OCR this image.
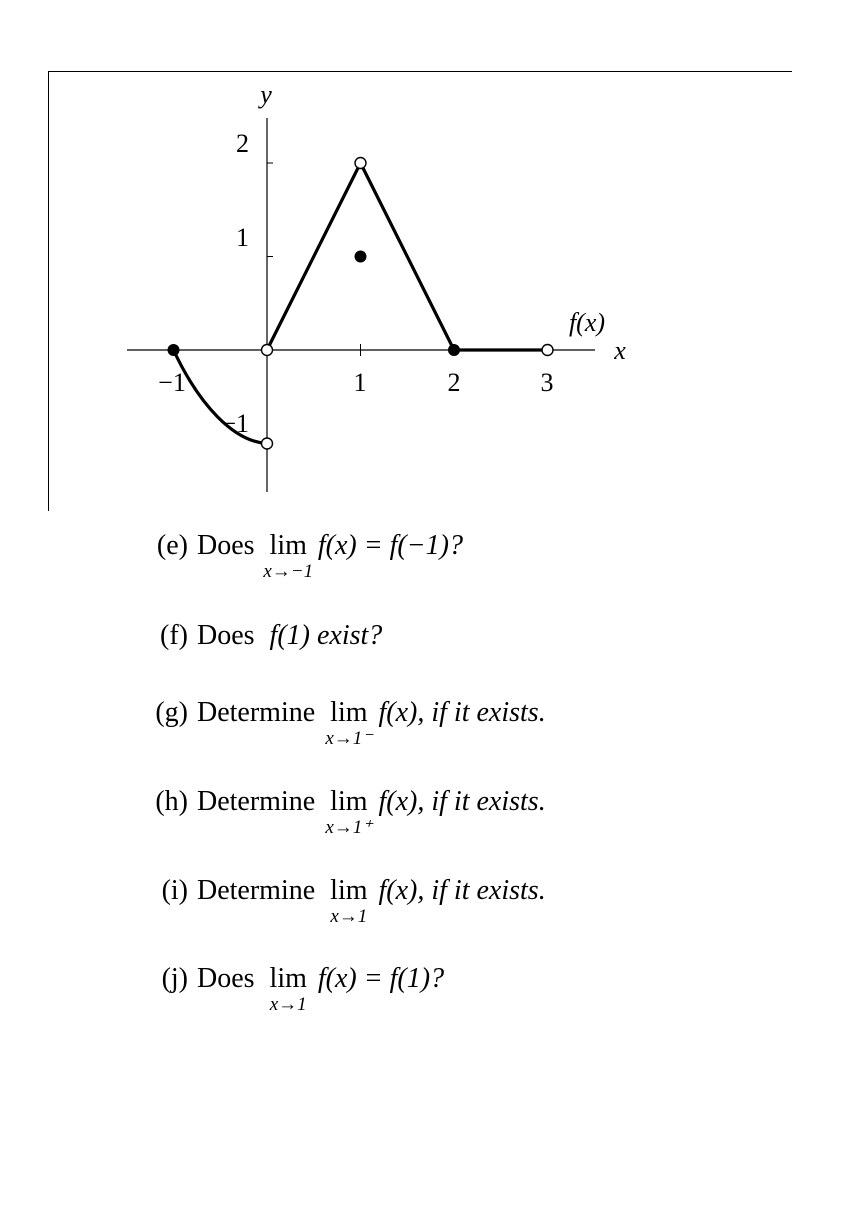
y
x
f(x)
−1	1	2	3
−1
1
2
(e) Does lim
x→−1
f(x) = f(−1)?
(f) Does f(1) exist?
(g) Determine lim
x→1⁻
f(x), if it exists.
(h) Determine lim
x→1⁺
f(x), if it exists.
(i) Determine lim
x→1
f(x), if it exists.
(j) Does lim
x→1
f(x) = f(1)?
